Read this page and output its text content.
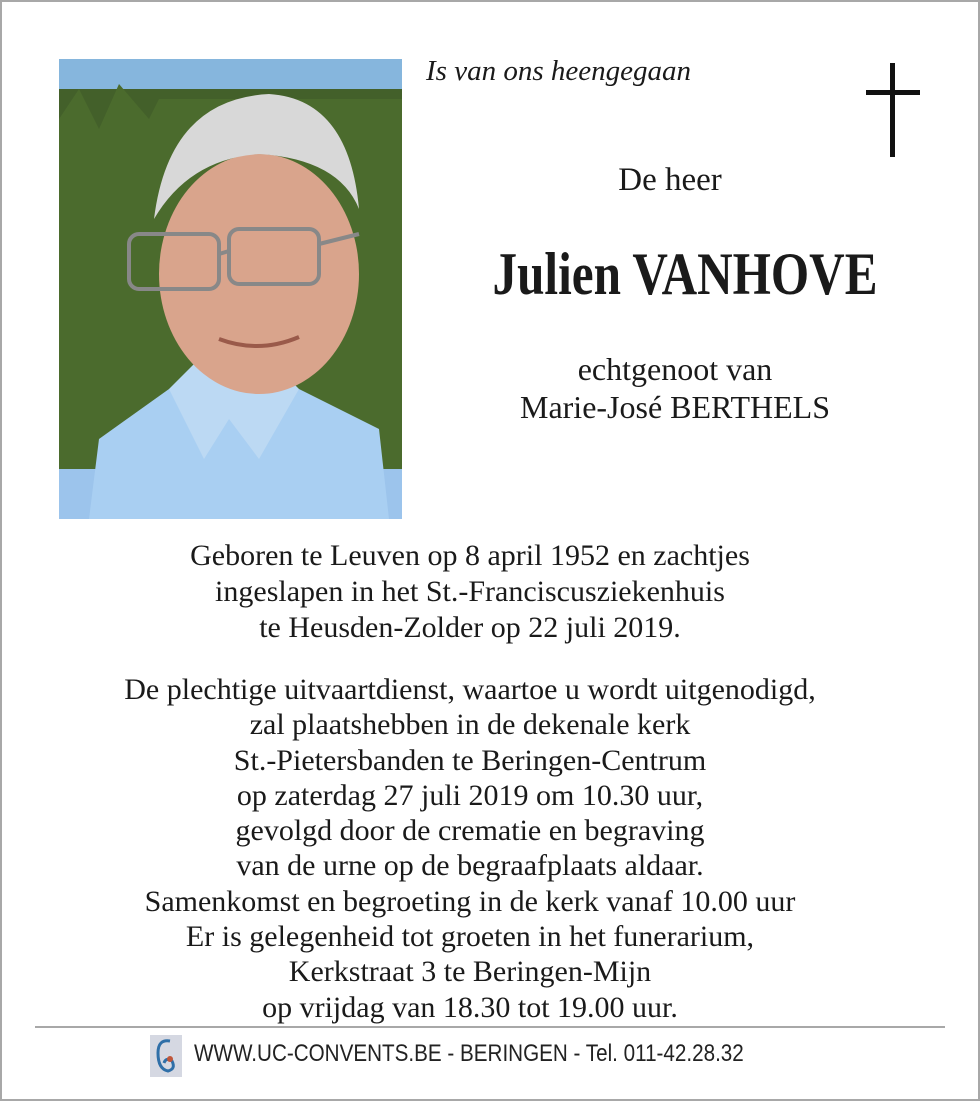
Is van ons heengegaan
De heer
Julien VANHOVE
echtgenoot van
Marie-José BERTHELS
Geboren te Leuven op 8 april 1952 en zachtjes
ingeslapen in het St.-Franciscusziekenhuis
te Heusden-Zolder op 22 juli 2019.
De plechtige uitvaartdienst, waartoe u wordt uitgenodigd,
zal plaatshebben in de dekenale kerk
St.-Pietersbanden te Beringen-Centrum
op zaterdag 27 juli 2019 om 10.30 uur,
gevolgd door de crematie en begraving
van de urne op de begraafplaats aldaar.
Samenkomst en begroeting in de kerk vanaf 10.00 uur
Er is gelegenheid tot groeten in het funerarium,
Kerkstraat 3 te Beringen-Mijn
op vrijdag van 18.30 tot 19.00 uur.
WWW.UC-CONVENTS.BE - BERINGEN - Tel. 011-42.28.32
